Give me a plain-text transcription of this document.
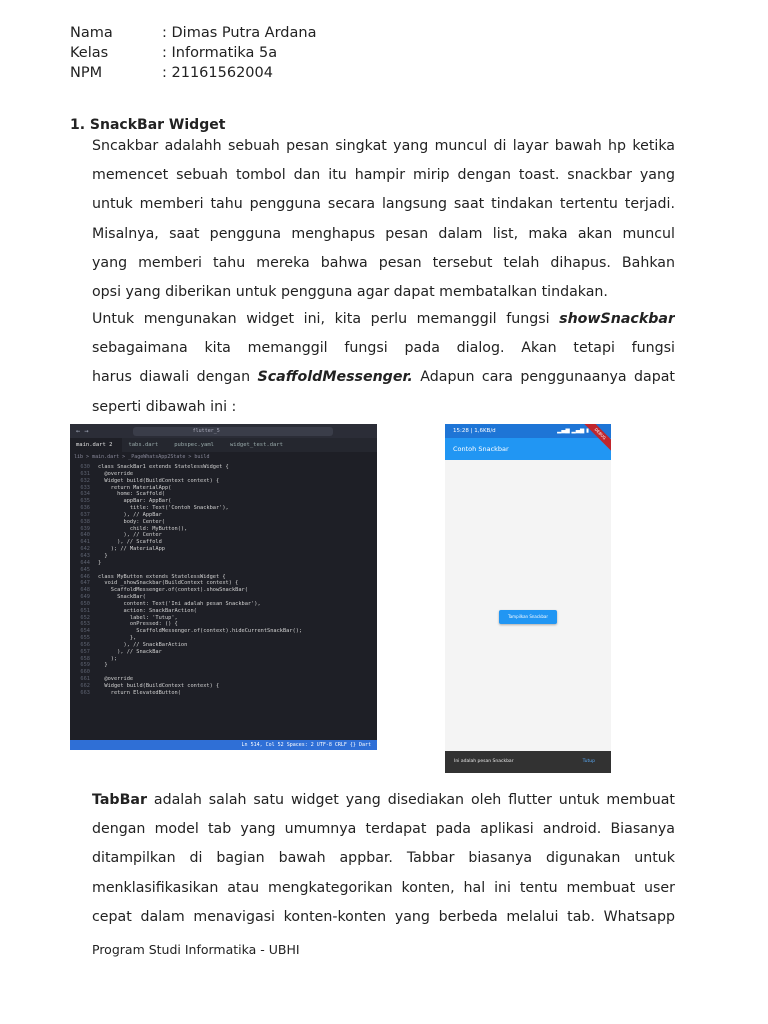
Nama	: Dimas Putra Ardana
Kelas	: Informatika 5a
NPM	: 21161562004
1. SnackBar Widget
Sncakbar adalahh sebuah pesan singkat yang muncul di layar bawah hp ketika
memencet sebuah tombol dan itu hampir mirip dengan toast. snackbar yang
untuk memberi tahu pengguna secara langsung saat tindakan tertentu terjadi.
Misalnya, saat pengguna menghapus pesan dalam list, maka akan muncul
yang memberi tahu mereka bahwa pesan tersebut telah dihapus. Bahkan
opsi yang diberikan untuk pengguna agar dapat membatalkan tindakan.
Untuk mengunakan widget ini, kita perlu memanggil fungsi showSnackbar
sebagaimana kita memanggil fungsi pada dialog. Akan tetapi fungsi
harus diawali dengan ScaffoldMessenger. Adapun cara penggunaanya dapat
seperti dibawah ini :
← →	flutter_5
main.dart 2	tabs.dart	pubspec.yaml	widget_test.dart
lib > main.dart > _PageWhatsApp2State > build
630
631
632
633
634
635
636
637
638
639
640
641
642
643
644
645
646
647
648
649
650
651
652
653
654
655
656
657
658
659
660
661
662
663
class SnackBar1 extends StatelessWidget {
@override
Widget build(BuildContext context) {
return MaterialApp(
home: Scaffold(
appBar: AppBar(
title: Text('Contoh Snackbar'),
), // AppBar
body: Center(
child: MyButton(),
), // Center
), // Scaffold
); // MaterialApp
}
}

class MyButton extends StatelessWidget {
void _showSnackbar(BuildContext context) {
ScaffoldMessenger.of(context).showSnackBar(
SnackBar(
content: Text('Ini adalah pesan Snackbar'),
action: SnackBarAction(
label: 'Tutup',
onPressed: () {
ScaffoldMessenger.of(context).hideCurrentSnackBar();
},
), // SnackBarAction
), // SnackBar
);
}

@override
Widget build(BuildContext context) {
return ElevatedButton(
Ln 514, Col 52 Spaces: 2 UTF-8 CRLF {} Dart
15:28 | 1,6KB/d	▂▄▆ ▂▄▆ ▮
Contoh Snackbar
DEBUG
Tampilkan Snackbar
Ini adalah pesan Snackbar	Tutup
TabBar adalah salah satu widget yang disediakan oleh flutter untuk membuat
dengan model tab yang umumnya terdapat pada aplikasi android. Biasanya
ditampilkan di bagian bawah appbar. Tabbar biasanya digunakan untuk
menklasifikasikan atau mengkategorikan konten, hal ini tentu membuat user
cepat dalam menavigasi konten-konten yang berbeda melalui tab. Whatsapp
Program Studi Informatika - UBHI
